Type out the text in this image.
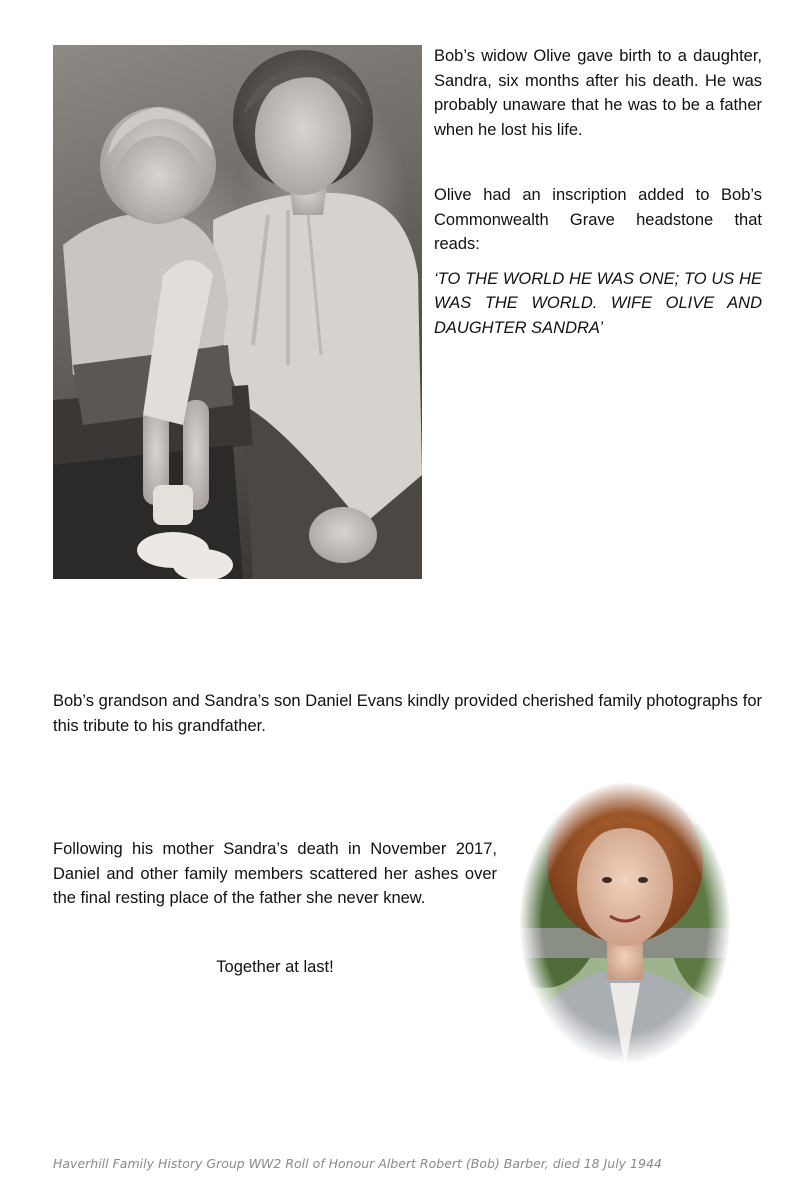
Bob’s widow Olive gave birth to a daughter, Sandra, six months after his death. He was probably unaware that he was to be a father when he lost his life.

Olive had an inscription added to Bob’s Commonwealth Grave headstone that reads:

‘TO THE WORLD HE WAS ONE; TO US HE WAS THE WORLD. WIFE OLIVE AND DAUGHTER SANDRA’

Bob’s grandson and Sandra’s son Daniel Evans kindly provided cherished family photographs for this tribute to his grandfather.

Following his mother Sandra’s death in November 2017, Daniel and other family members scattered her ashes over the final resting place of the father she never knew.

Together at last!

Haverhill Family History Group WW2 Roll of Honour Albert Robert (Bob) Barber, died 18 July 1944
